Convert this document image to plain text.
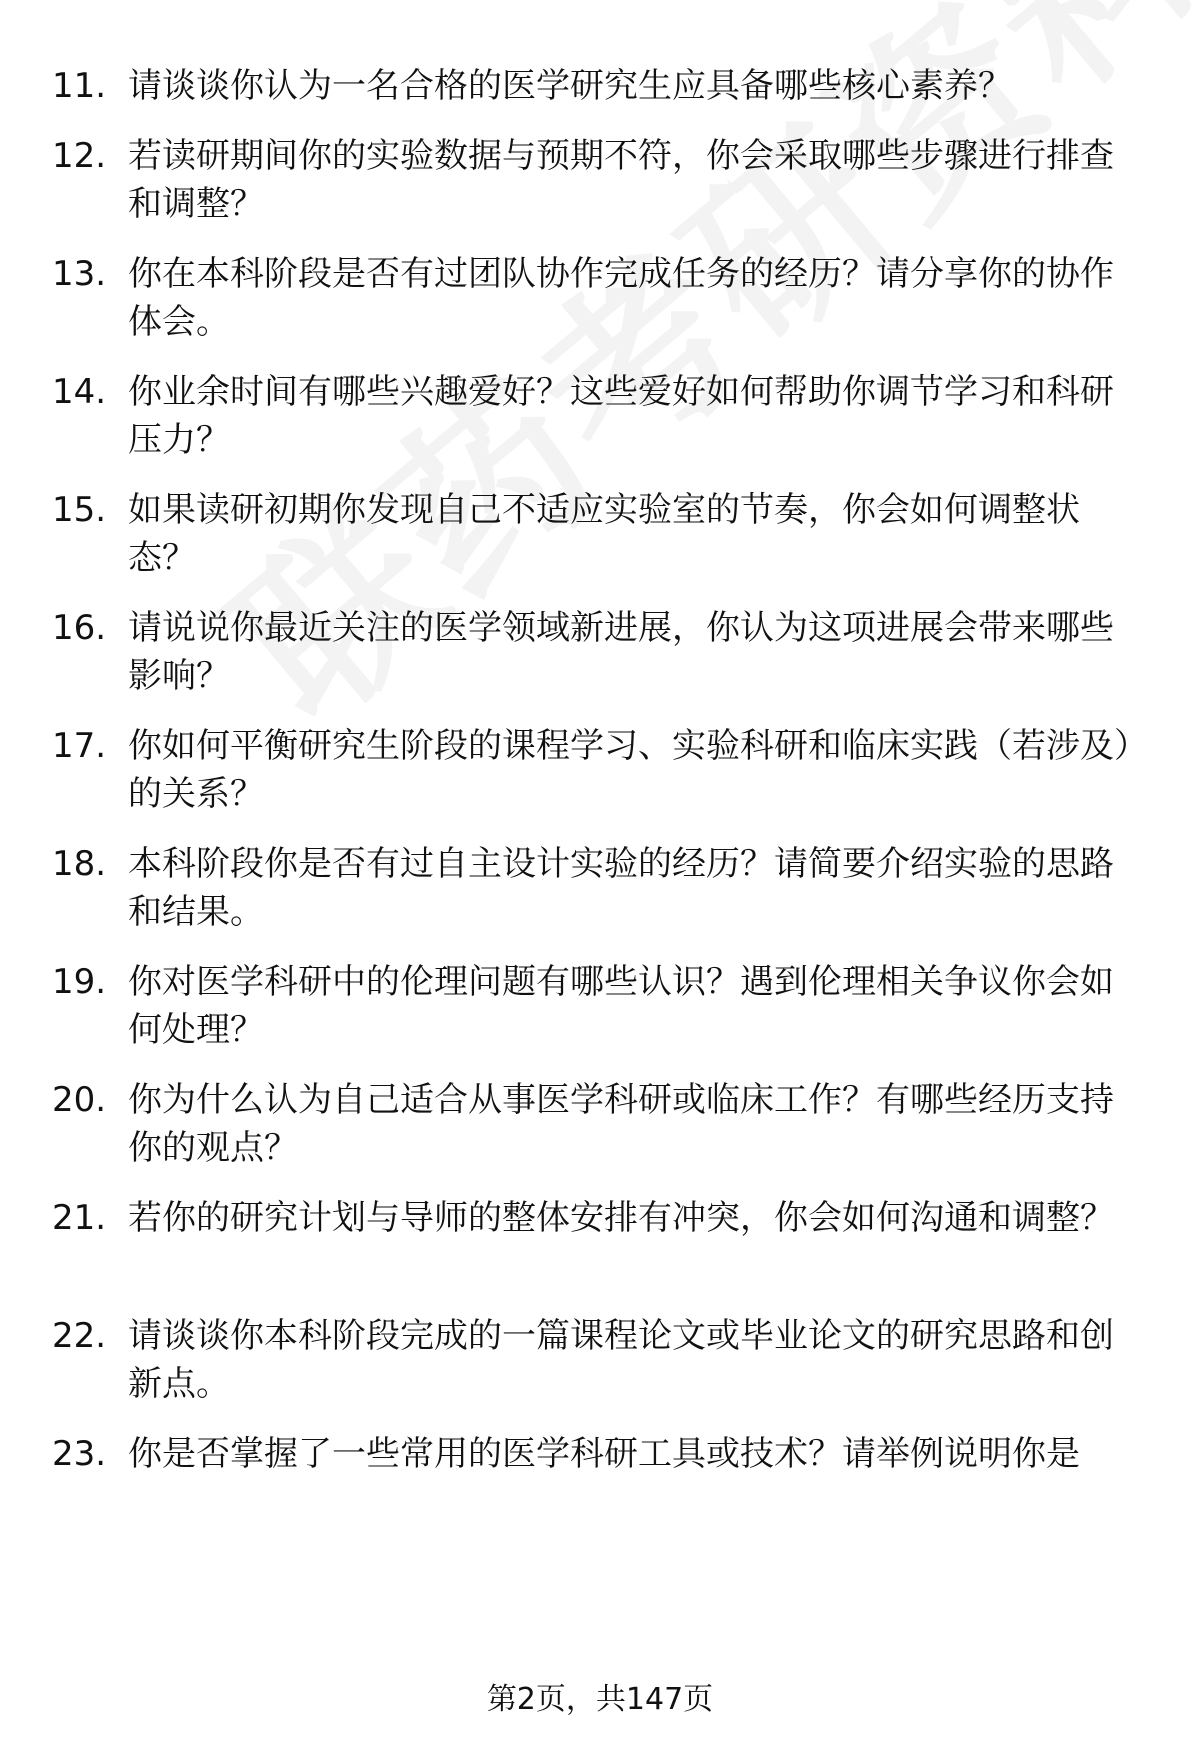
11. 请谈谈你认为一名合格的医学研究生应具备哪些核心素养？
12. 若读研期间你的实验数据与预期不符，你会采取哪些步骤进行排查和调整？
13. 你在本科阶段是否有过团队协作完成任务的经历？请分享你的协作体会。
14. 你业余时间有哪些兴趣爱好？这些爱好如何帮助你调节学习和科研压力？
15. 如果读研初期你发现自己不适应实验室的节奏，你会如何调整状态？
16. 请说说你最近关注的医学领域新进展，你认为这项进展会带来哪些影响？
17. 你如何平衡研究生阶段的课程学习、实验科研和临床实践（若涉及）的关系？
18. 本科阶段你是否有过自主设计实验的经历？请简要介绍实验的思路和结果。
19. 你对医学科研中的伦理问题有哪些认识？遇到伦理相关争议你会如何处理？
20. 你为什么认为自己适合从事医学科研或临床工作？有哪些经历支持你的观点？
21. 若你的研究计划与导师的整体安排有冲突，你会如何沟通和调整？
22. 请谈谈你本科阶段完成的一篇课程论文或毕业论文的研究思路和创新点。
23. 你是否掌握了一些常用的医学科研工具或技术？请举例说明你是
第2页，共147页
